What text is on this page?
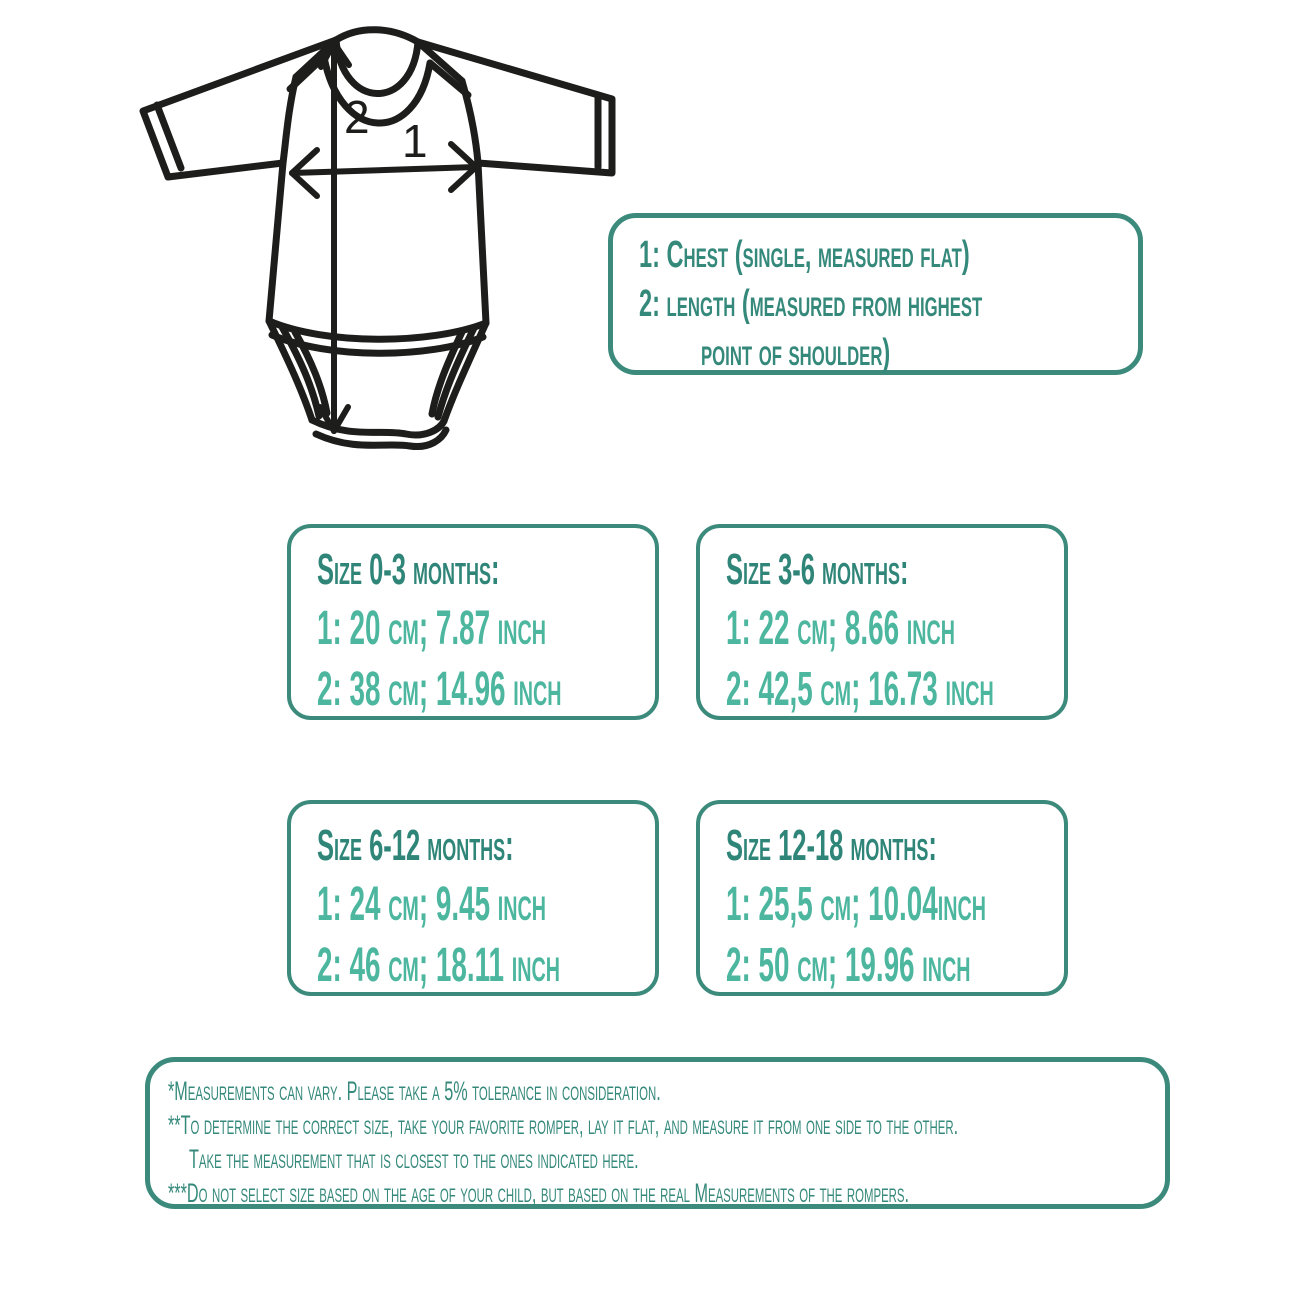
2 1
1: Chest (single, measured flat)
2: length (measured from highest
point of shoulder)
Size 0-3 months:
1: 20 cm; 7.87 inch
2: 38 cm; 14.96 inch
Size 3-6 months:
1: 22 cm; 8.66 inch
2: 42,5 cm; 16.73 inch
Size 6-12 months:
1: 24 cm; 9.45 inch
2: 46 cm; 18.11 inch
Size 12-18 months:
1: 25,5 cm; 10.04inch
2: 50 cm; 19.96 inch
*Measurements can vary. Please take a 5% tolerance in consideration.
**To determine the correct size, take your favorite romper, lay it flat, and measure it from one side to the other.
Take the measurement that is closest to the ones indicated here.
***Do not select size based on the age of your child, but based on the real Measurements of the rompers.
